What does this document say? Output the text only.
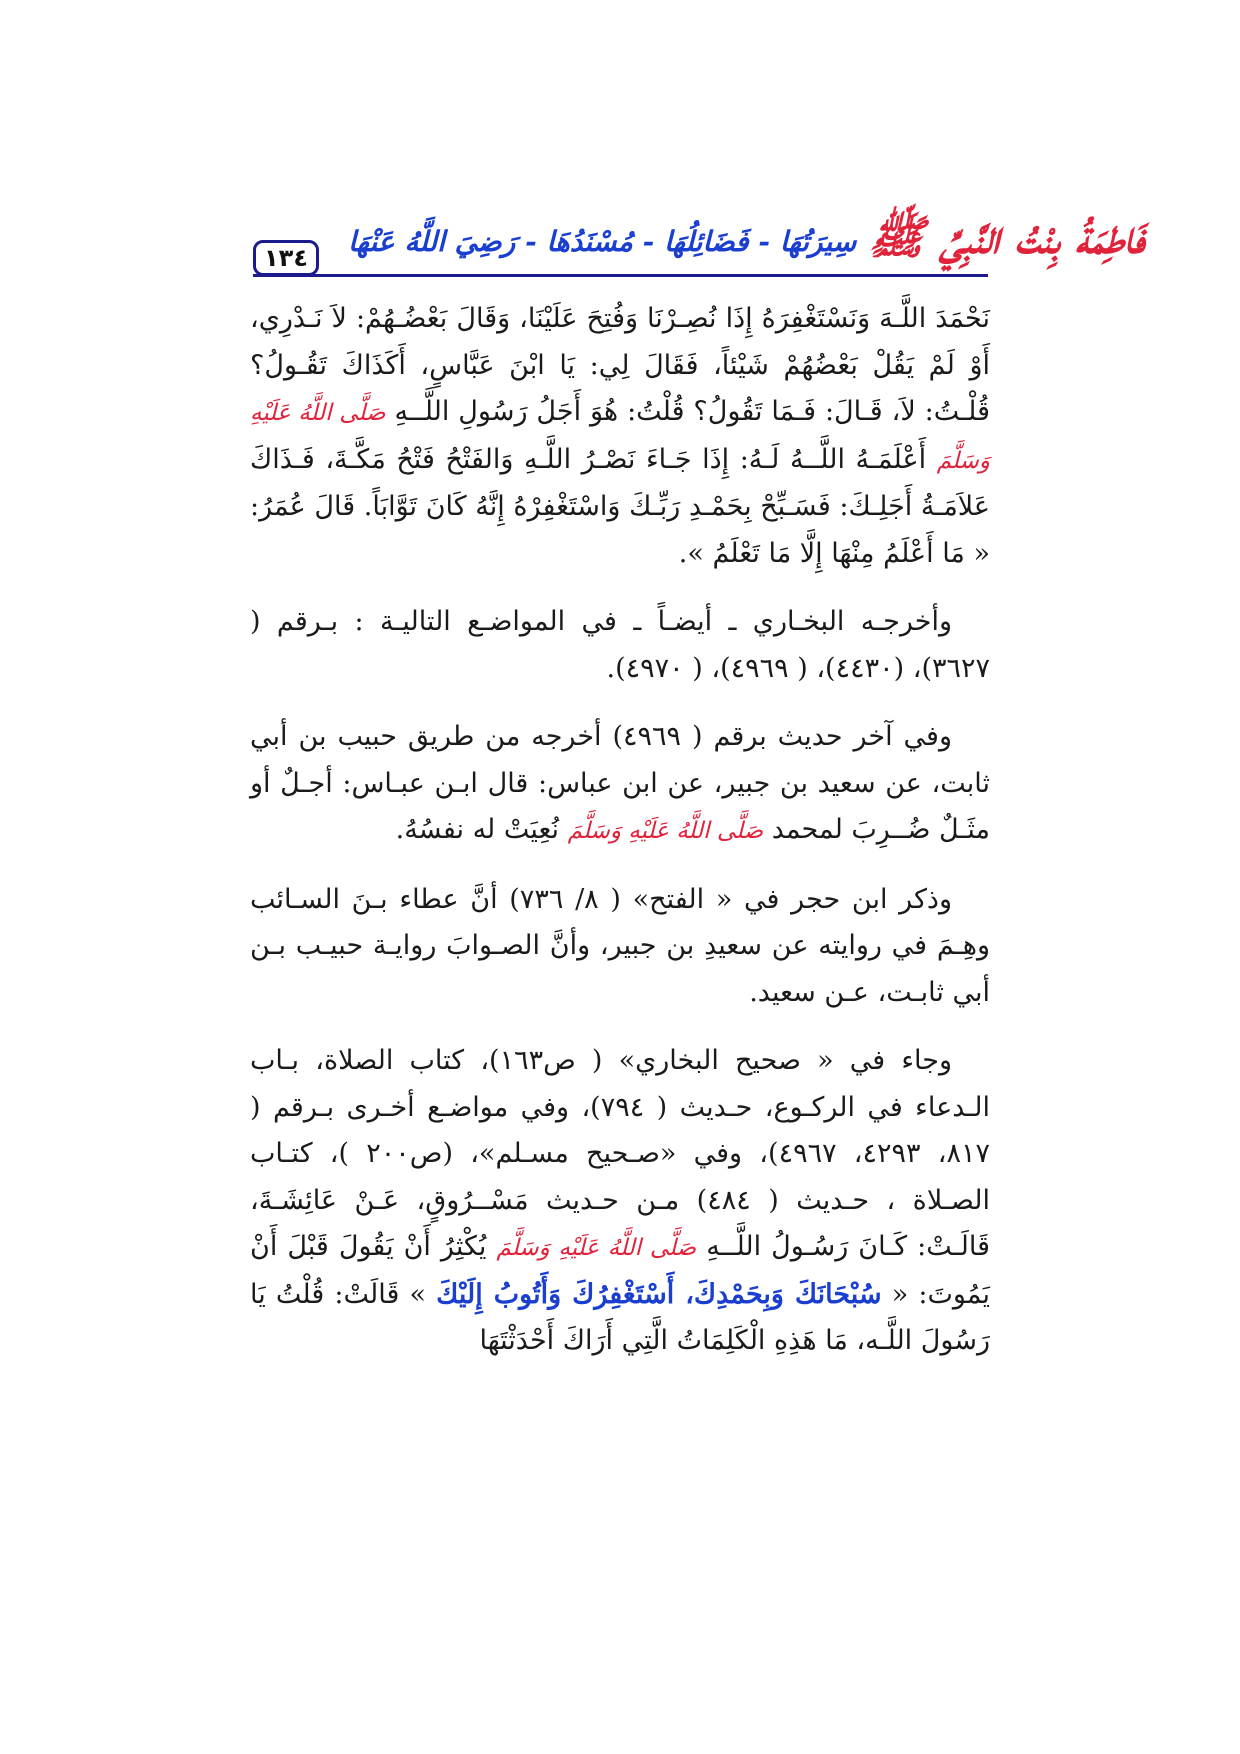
١٣٤	فَاطِمَةُ بِنْتُ النَّبِيِّ ﷺ
سِيرَتُهَا - فَضَائِلُهَا - مُسْنَدُهَا - رَضِيَ اللَّهُ عَنْهَا

نَحْمَدَ اللَّـهَ وَنَسْتَغْفِرَهُ إِذَا نُصِـرْنَا وَفُتِحَ عَلَيْنَا، وَقَالَ بَعْضُـهُمْ: لاَ نَـدْرِي، أَوْ لَمْ يَقُلْ بَعْضُهُمْ شَيْئاً، فَقَالَ لِي: يَا ابْنَ عَبَّاسٍ، أَكَذَاكَ تَقُـولُ؟ قُلْـتُ: لاَ، قَـالَ: فَـمَا تَقُولُ؟ قُلْتُ: هُوَ أَجَلُ رَسُولِ اللَّــهِ صَلَّى اللَّهُ عَلَيْهِ وَسَلَّمَ أَعْلَمَـهُ اللَّــهُ لَـهُ: إِذَا جَـاءَ نَصْـرُ اللَّـهِ وَالفَتْحُ فَتْحُ مَكَّـةَ، فَـذَاكَ عَلاَمَـةُ أَجَلِـكَ: فَسَـبِّحْ بِحَمْـدِ رَبِّـكَ وَاسْتَغْفِرْهُ إِنَّهُ كَانَ تَوَّابَاً. قَالَ عُمَرُ: « مَا أَعْلَمُ مِنْهَا إِلَّا مَا تَعْلَمُ ».

وأخرجـه البخـاري ـ أيضـاً ـ في المواضـع التاليـة : بـرقم ( ٣٦٢٧)، (٤٤٣٠)، ( ٤٩٦٩)، ( ٤٩٧٠).

وفي آخر حديث برقم ( ٤٩٦٩) أخرجه من طريق حبيب بن أبي ثابت، عن سعيد بن جبير، عن ابن عباس: قال ابـن عبـاس: أجـلٌ أو مثَـلٌ ضُــرِبَ لمحمد صَلَّى اللَّهُ عَلَيْهِ وَسَلَّمَ نُعِيَتْ له نفسُهُ.

وذكر ابن حجر في « الفتح» ( ٨/ ٧٣٦) أنَّ عطاء بـنَ السـائب وهِـمَ في روايته عن سعيدِ بن جبير، وأنَّ الصـوابَ روايـة حبيـب بـن أبي ثابـت، عـن سعيد.

وجاء في « صحيح البخاري» ( ص١٦٣)، كتاب الصلاة، بـاب الـدعاء في الركـوع، حـديث ( ٧٩٤)، وفي مواضـع أخـرى بـرقم ( ٨١٧، ٤٢٩٣، ٤٩٦٧)، وفي «صـحيح مسـلم»، (ص٢٠٠ )، كتـاب الصـلاة ، حـديث ( ٤٨٤) مـن حـديث مَسْــرُوقٍ، عَـنْ عَائِشَـةَ، قَالَـتْ: كَـانَ رَسُـولُ اللَّــهِ صَلَّى اللَّهُ عَلَيْهِ وَسَلَّمَ يُكْثِرُ أَنْ يَقُولَ قَبْلَ أَنْ يَمُوتَ: « سُبْحَانَكَ وَبِحَمْدِكَ، أَسْتَغْفِرُكَ وَأَتُوبُ إِلَيْكَ » قَالَتْ: قُلْتُ يَا رَسُولَ اللَّـه، مَا هَذِهِ الْكَلِمَاتُ الَّتِي أَرَاكَ أَحْدَثْتَهَا
